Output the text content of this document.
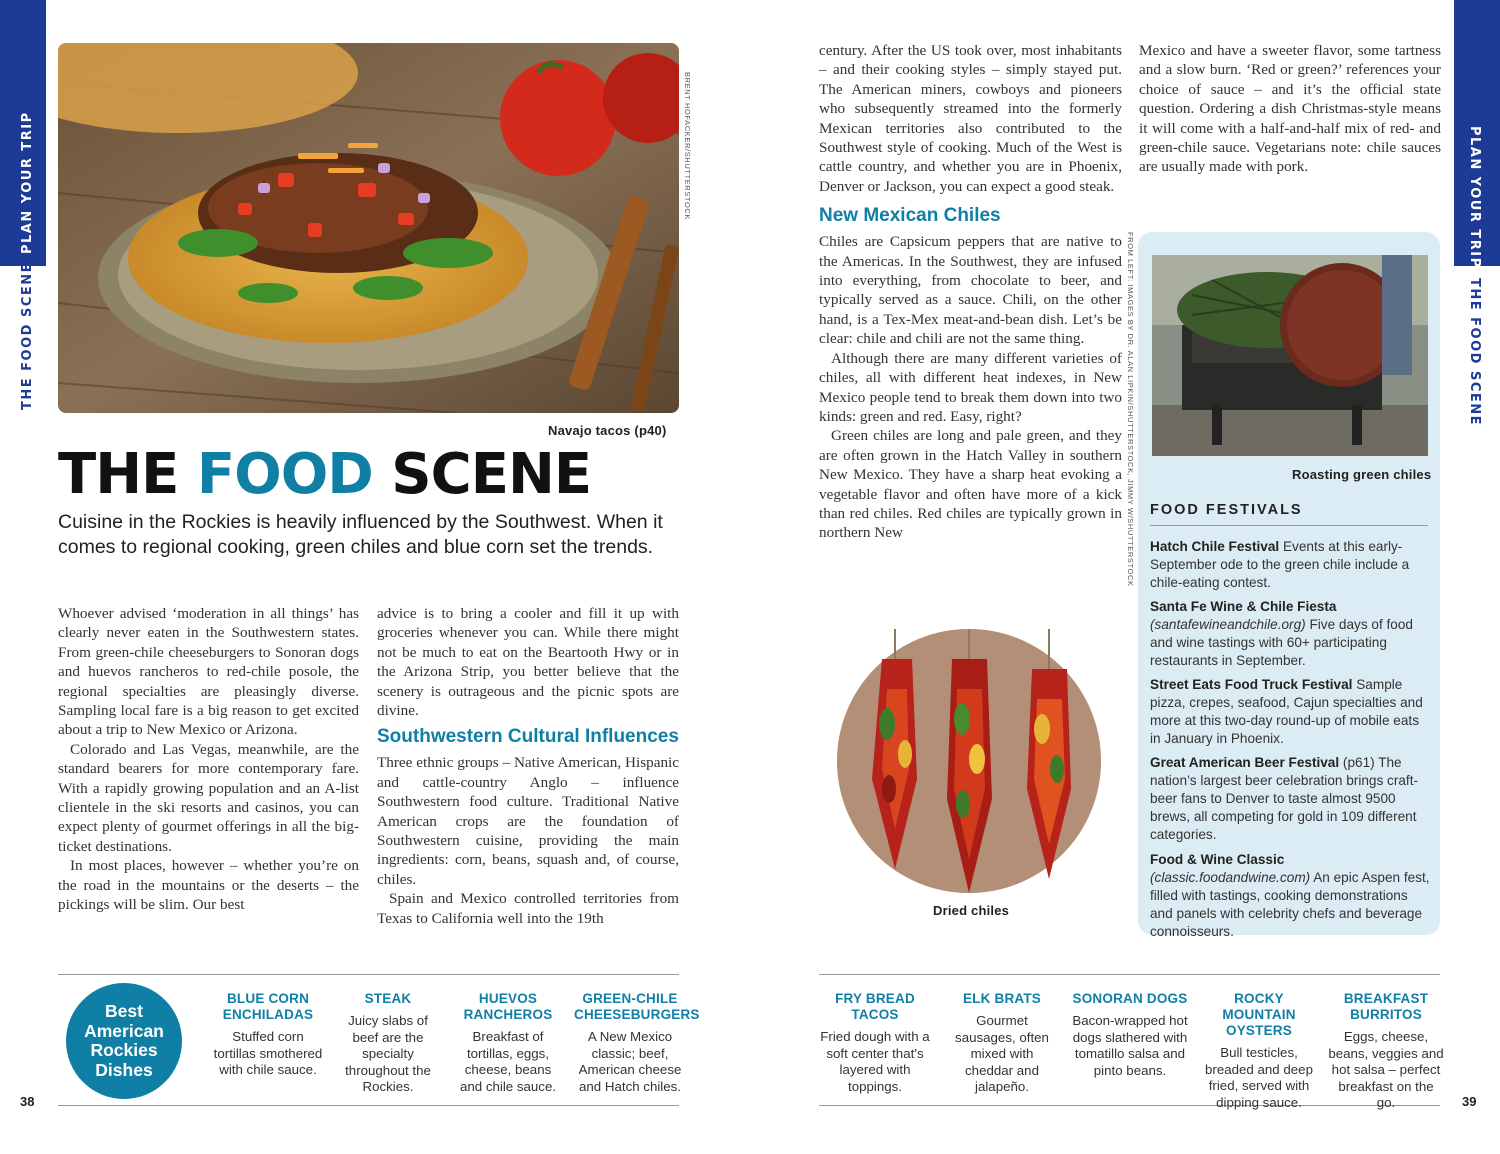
PLAN YOUR TRIP
THE FOOD SCENE
38
PLAN YOUR TRIP
THE FOOD SCENE
39
BRENT HOFACKER/SHUTTERSTOCK
Navajo tacos (p40)
THE FOOD SCENE
Cuisine in the Rockies is heavily influenced by the Southwest. When it comes to regional cooking, green chiles and blue corn set the trends.

Whoever advised ‘moderation in all things’ has clearly never eaten in the Southwestern states. From green-chile cheeseburgers to Sonoran dogs and huevos rancheros to red-chile posole, the regional specialties are pleasingly diverse. Sampling local fare is a big reason to get excited about a trip to New Mexico or Arizona.

Colorado and Las Vegas, meanwhile, are the standard bearers for more contemporary fare. With a rapidly growing population and an A-list clientele in the ski resorts and casinos, you can expect plenty of gourmet offerings in all the big-ticket destinations.

In most places, however – whether you’re on the road in the mountains or the deserts – the pickings will be slim. Our best

advice is to bring a cooler and fill it up with groceries whenever you can. While there might not be much to eat on the Beartooth Hwy or in the Arizona Strip, you better believe that the scenery is outrageous and the picnic spots are divine.

Southwestern Cultural Influences

Three ethnic groups – Native American, Hispanic and cattle-country Anglo – influence Southwestern food culture. Traditional Native American crops are the foundation of Southwestern cuisine, providing the main ingredients: corn, beans, squash and, of course, chiles.

Spain and Mexico controlled territories from Texas to California well into the 19th

century. After the US took over, most inhabitants – and their cooking styles – simply stayed put. The American miners, cowboys and pioneers who subsequently streamed into the formerly Mexican territories also contributed to the Southwest style of cooking. Much of the West is cattle country, and whether you are in Phoenix, Denver or Jackson, you can expect a good steak.

New Mexican Chiles

Chiles are Capsicum peppers that are native to the Americas. In the Southwest, they are infused into everything, from chocolate to beer, and typically served as a sauce. Chili, on the other hand, is a Tex-Mex meat-and-bean dish. Let’s be clear: chile and chili are not the same thing.

Although there are many different varieties of chiles, all with different heat indexes, in New Mexico people tend to break them down into two kinds: green and red. Easy, right?

Green chiles are long and pale green, and they are often grown in the Hatch Valley in southern New Mexico. They have a sharp heat evoking a vegetable flavor and often have more of a kick than red chiles. Red chiles are typically grown in northern New

Mexico and have a sweeter flavor, some tartness and a slow burn. ‘Red or green?’ references your choice of sauce – and it’s the official state question. Ordering a dish Christmas-style means it will come with a half-and-half mix of red- and green-chile sauce. Vegetarians note: chile sauces are usually made with pork.

FROM LEFT: IMAGES BY DR. ALAN LIPKIN/SHUTTERSTOCK, JIMMY W/SHUTTERSTOCK
Dried chiles
Roasting green chiles
FOOD FESTIVALS
Hatch Chile Festival Events at this early-September ode to the green chile include a chile-eating contest.
Santa Fe Wine & Chile Fiesta
(santafewineandchile.org) Five days of food and wine tastings with 60+ participating restaurants in September.
Street Eats Food Truck Festival Sample pizza, crepes, seafood, Cajun specialties and more at this two-day round-up of mobile eats in January in Phoenix.
Great American Beer Festival (p61) The nation’s largest beer celebration brings craft-beer fans to Denver to taste almost 9500 brews, all competing for gold in 109 different categories.
Food & Wine Classic (classic.foodandwine.com) An epic Aspen fest, filled with tastings, cooking demonstrations and panels with celebrity chefs and beverage connoisseurs.
Best American Rockies Dishes
BLUE CORN ENCHILADAS
Stuffed corn tortillas smothered with chile sauce.
STEAK
Juicy slabs of beef are the specialty throughout the Rockies.
HUEVOS RANCHEROS
Breakfast of tortillas, eggs, cheese, beans and chile sauce.
GREEN-CHILE CHEESEBURGERS
A New Mexico classic; beef, American cheese and Hatch chiles.
FRY BREAD TACOS
Fried dough with a soft center that’s layered with toppings.
ELK BRATS
Gourmet sausages, often mixed with cheddar and jalapeño.
SONORAN DOGS
Bacon-wrapped hot dogs slathered with tomatillo salsa and pinto beans.
ROCKY MOUNTAIN OYSTERS
Bull testicles, breaded and deep fried, served with dipping sauce.
BREAKFAST BURRITOS
Eggs, cheese, beans, veggies and hot salsa – perfect breakfast on the go.
